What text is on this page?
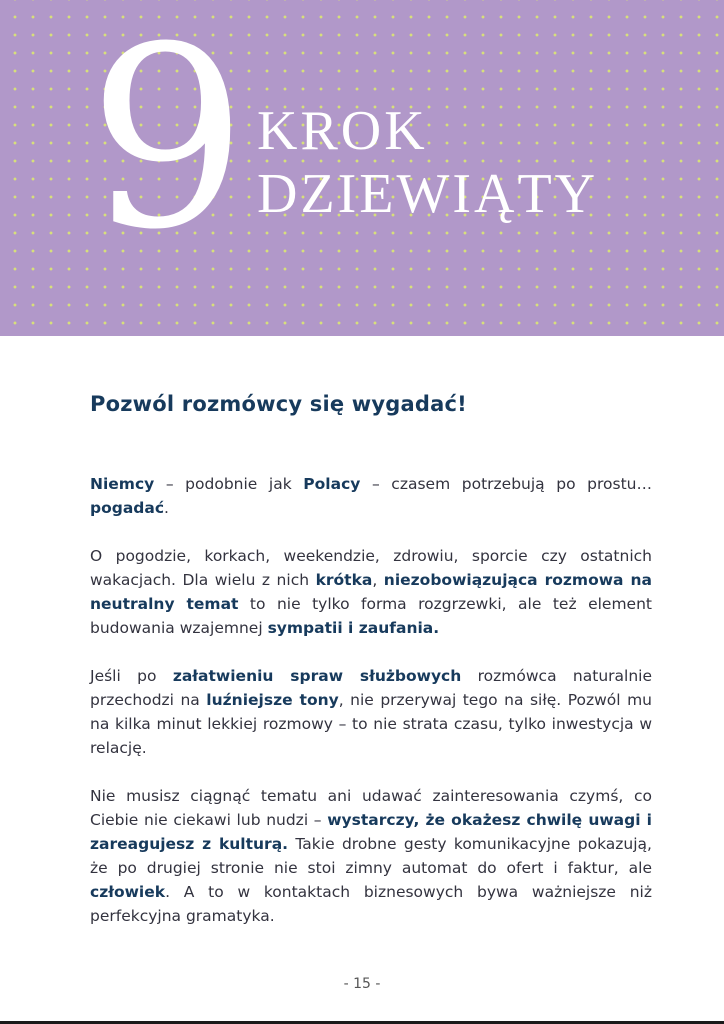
9 KROK
DZIEWIĄTY
Pozwól rozmówcy się wygadać!

Niemcy – podobnie jak Polacy – czasem potrzebują po prostu… pogadać.

O pogodzie, korkach, weekendzie, zdrowiu, sporcie czy ostatnich wakacjach. Dla wielu z nich krótka, niezobowiązująca rozmowa na neutralny temat to nie tylko forma rozgrzewki, ale też element budowania wzajemnej sympatii i zaufania.

Jeśli po załatwieniu spraw służbowych rozmówca naturalnie przechodzi na luźniejsze tony, nie przerywaj tego na siłę. Pozwól mu na kilka minut lekkiej rozmowy – to nie strata czasu, tylko inwestycja w relację.

Nie musisz ciągnąć tematu ani udawać zainteresowania czymś, co Ciebie nie ciekawi lub nudzi – wystarczy, że okażesz chwilę uwagi i zareagujesz z kulturą. Takie drobne gesty komunikacyjne pokazują, że po drugiej stronie nie stoi zimny automat do ofert i faktur, ale człowiek. A to w kontaktach biznesowych bywa ważniejsze niż perfekcyjna gramatyka.

- 15 -
